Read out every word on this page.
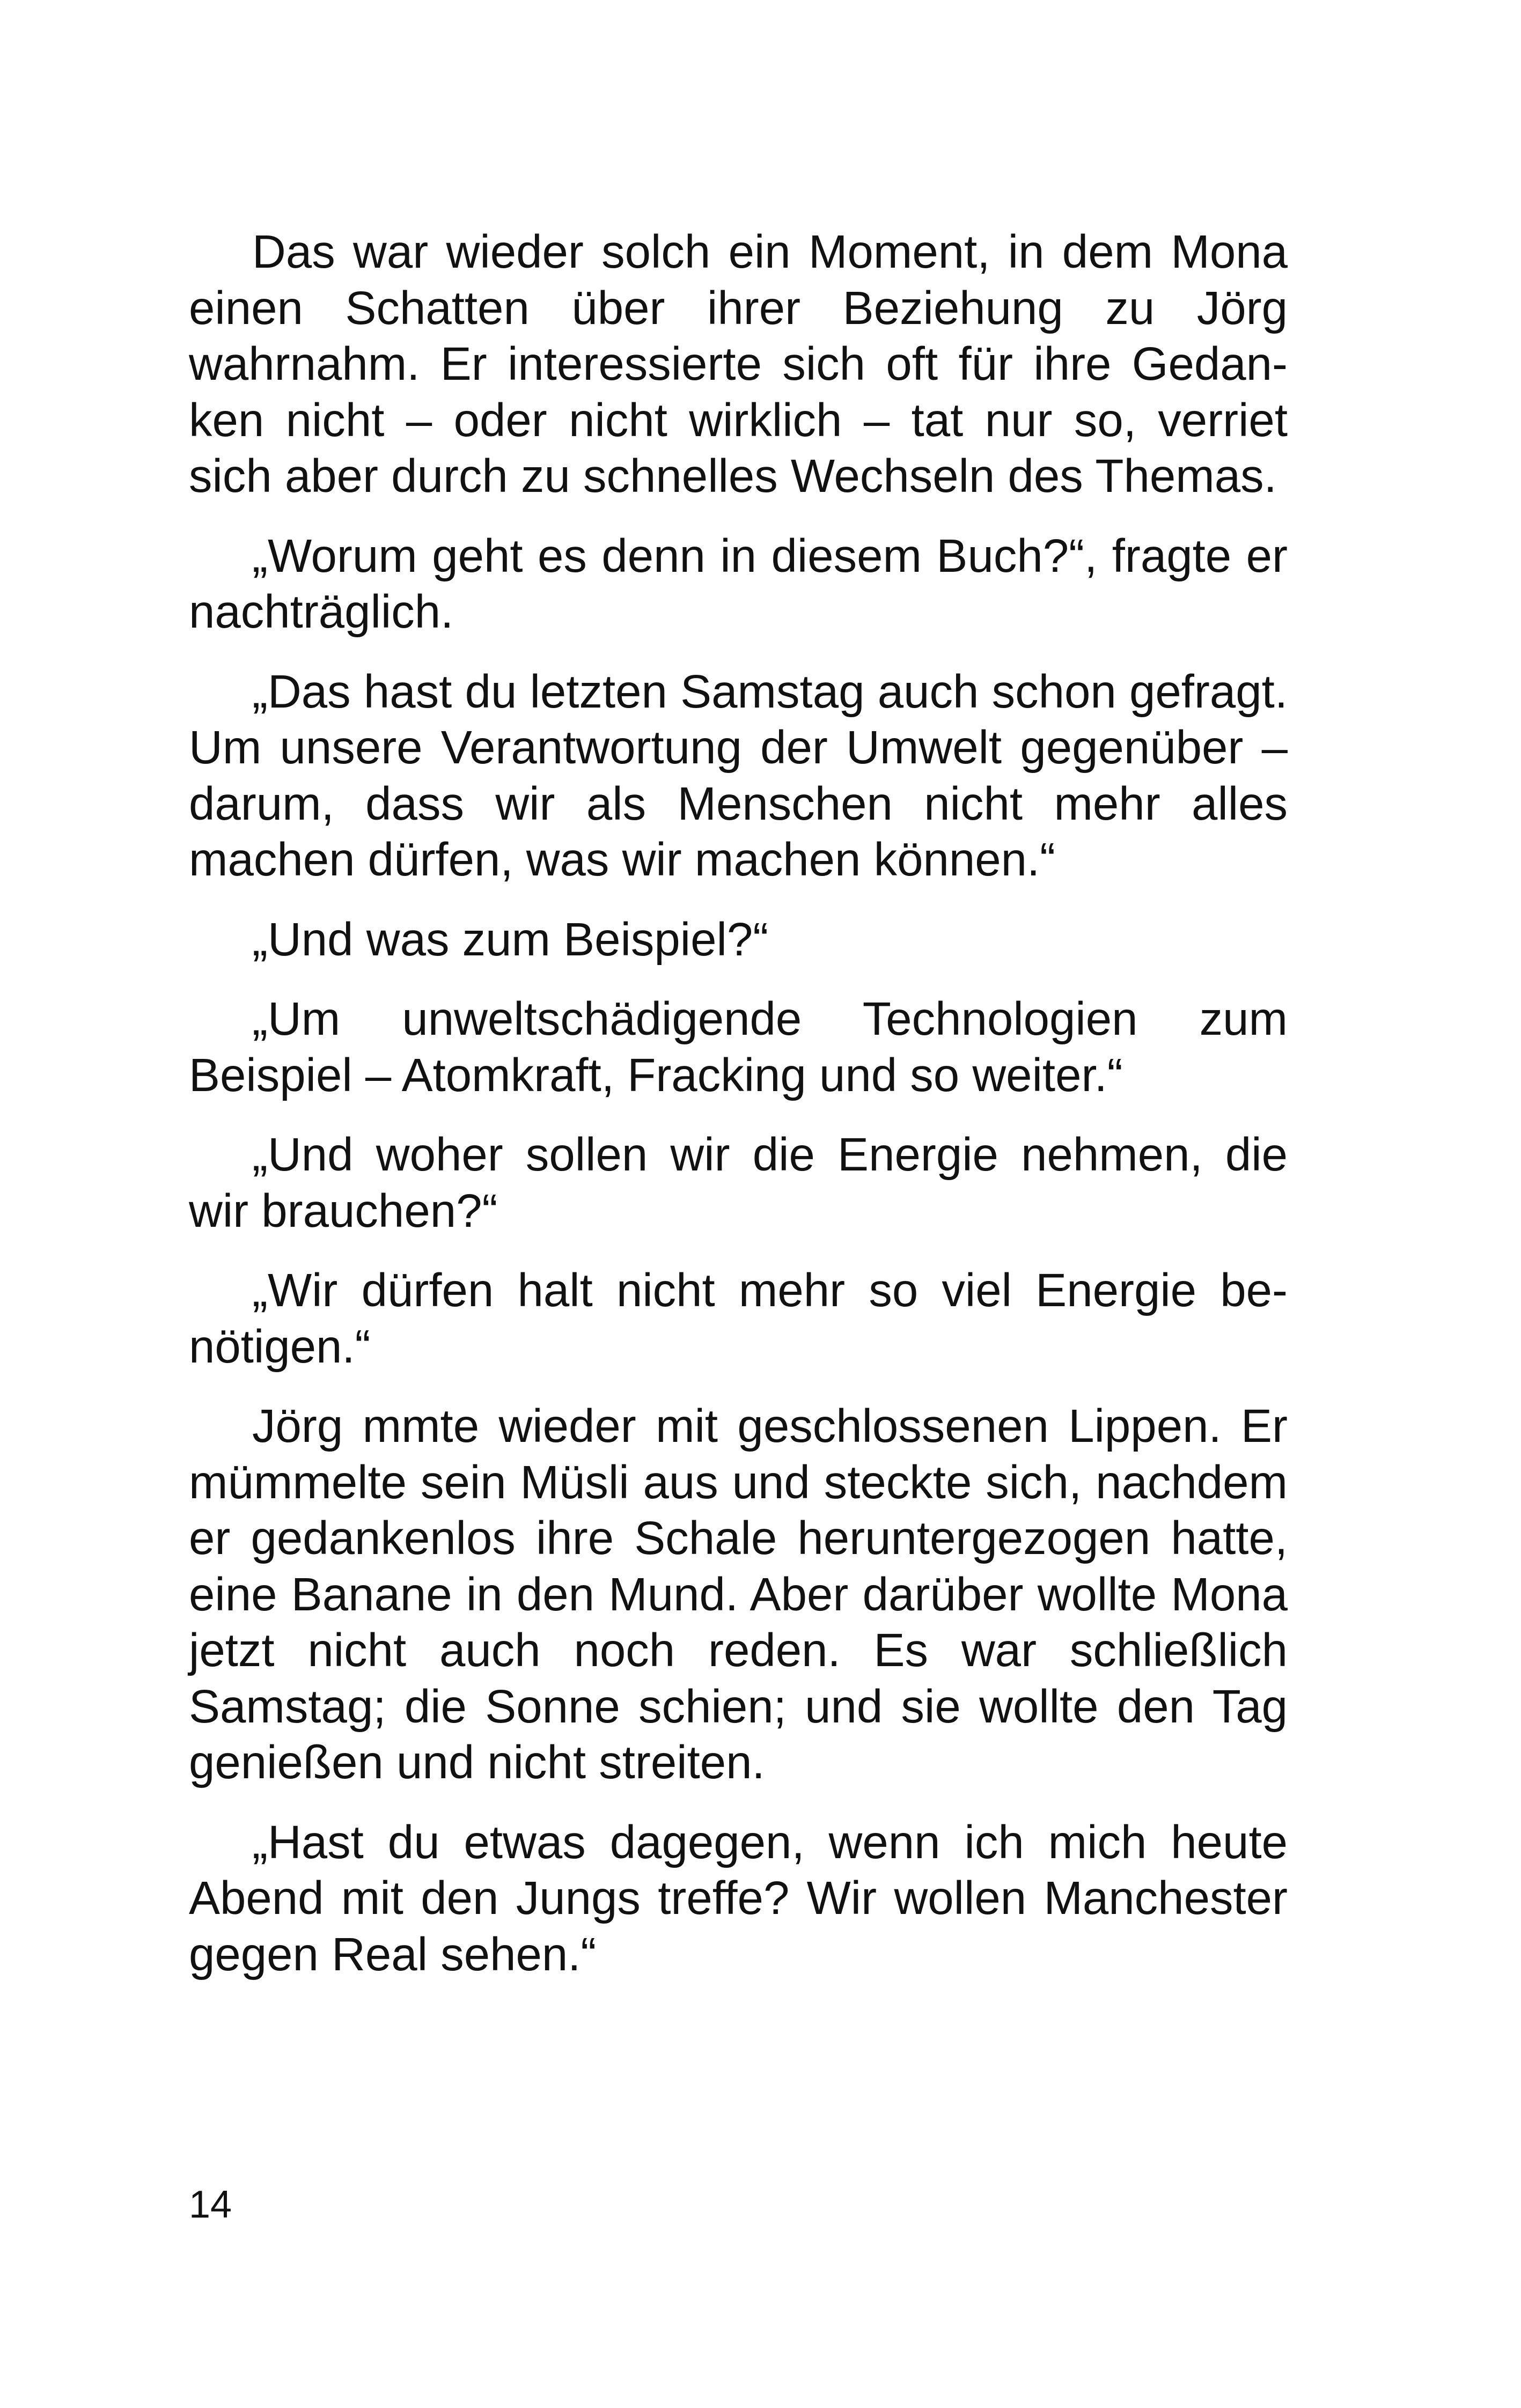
Das war wieder solch ein Moment, in dem Mona einen Schatten über ihrer Beziehung zu Jörg wahrnahm. Er interessierte sich oft für ihre Gedanken nicht – oder nicht wirklich – tat nur so, verriet sich aber durch zu schnelles Wechseln des Themas.

„Worum geht es denn in diesem Buch?“, fragte er nachträglich.

„Das hast du letzten Samstag auch schon gefragt. Um unsere Verantwortung der Umwelt gegenüber – darum, dass wir als Menschen nicht mehr alles machen dürfen, was wir machen können.“

„Und was zum Beispiel?“

„Um unweltschädigende Technologien zum Beispiel – Atomkraft, Fracking und so weiter.“

„Und woher sollen wir die Energie nehmen, die wir brauchen?“

„Wir dürfen halt nicht mehr so viel Energie benötigen.“

Jörg mmte wieder mit geschlossenen Lippen. Er mümmelte sein Müsli aus und steckte sich, nachdem er gedankenlos ihre Schale heruntergezogen hatte, eine Banane in den Mund. Aber darüber wollte Mona jetzt nicht auch noch reden. Es war schließlich Samstag; die Sonne schien; und sie wollte den Tag genießen und nicht streiten.

„Hast du etwas dagegen, wenn ich mich heute Abend mit den Jungs treffe? Wir wollen Manchester gegen Real sehen.“

14
